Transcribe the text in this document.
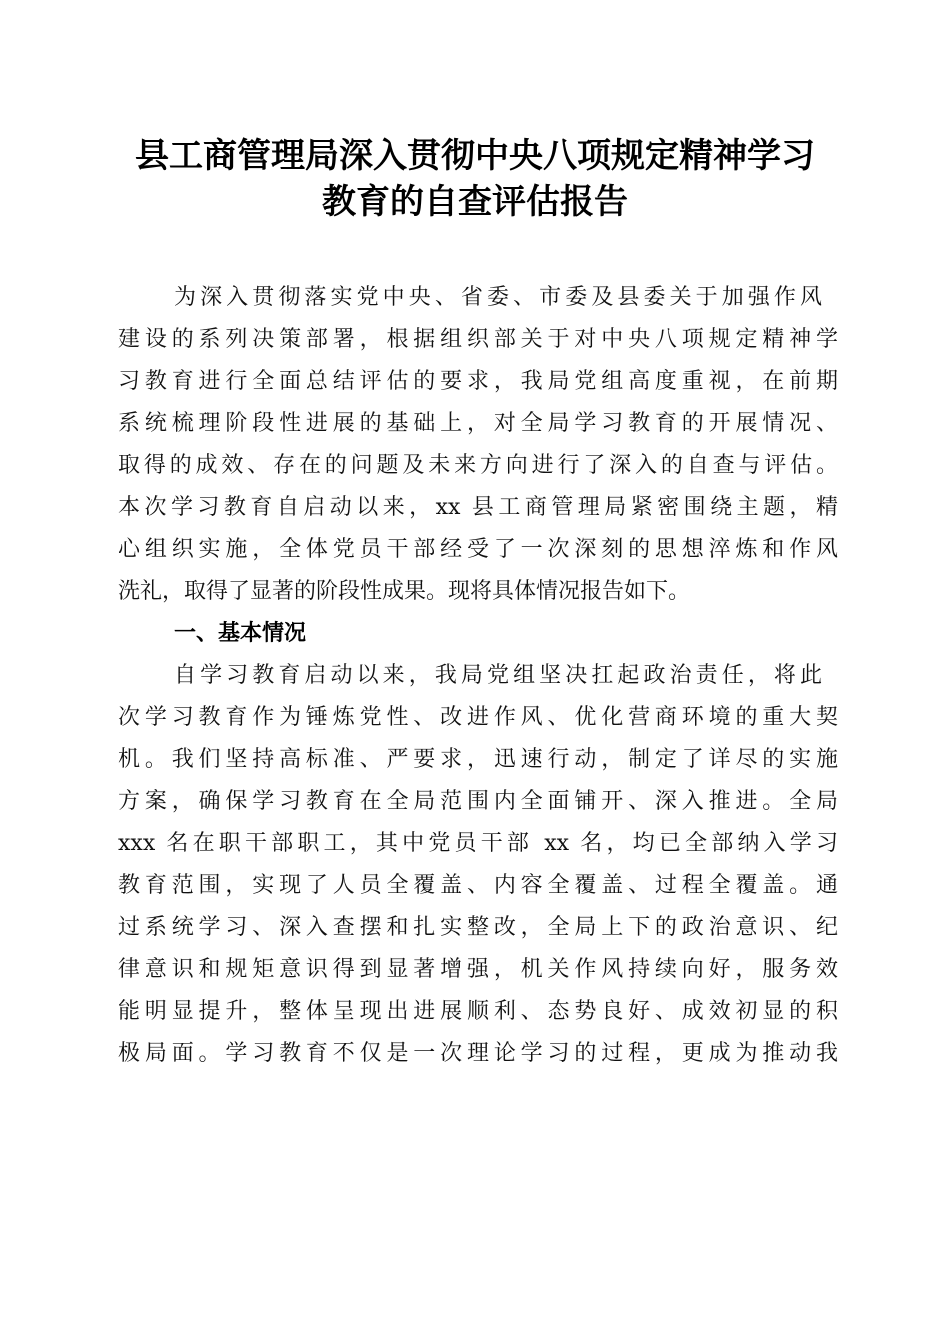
县工商管理局深入贯彻中央八项规定精神学习
教育的自查评估报告
为深入贯彻落实党中央、省委、市委及县委关于加强作风
建设的系列决策部署，根据组织部关于对中央八项规定精神学
习教育进行全面总结评估的要求，我局党组高度重视，在前期
系统梳理阶段性进展的基础上，对全局学习教育的开展情况、
取得的成效、存在的问题及未来方向进行了深入的自查与评估。
本次学习教育自启动以来，xx 县工商管理局紧密围绕主题，精
心组织实施，全体党员干部经受了一次深刻的思想淬炼和作风
洗礼，取得了显著的阶段性成果。现将具体情况报告如下。
一、基本情况
自学习教育启动以来，我局党组坚决扛起政治责任，将此
次学习教育作为锤炼党性、改进作风、优化营商环境的重大契
机。我们坚持高标准、严要求，迅速行动，制定了详尽的实施
方案，确保学习教育在全局范围内全面铺开、深入推进。全局
xxx 名在职干部职工，其中党员干部 xx 名，均已全部纳入学习
教育范围，实现了人员全覆盖、内容全覆盖、过程全覆盖。通
过系统学习、深入查摆和扎实整改，全局上下的政治意识、纪
律意识和规矩意识得到显著增强，机关作风持续向好，服务效
能明显提升，整体呈现出进展顺利、态势良好、成效初显的积
极局面。学习教育不仅是一次理论学习的过程，更成为推动我
